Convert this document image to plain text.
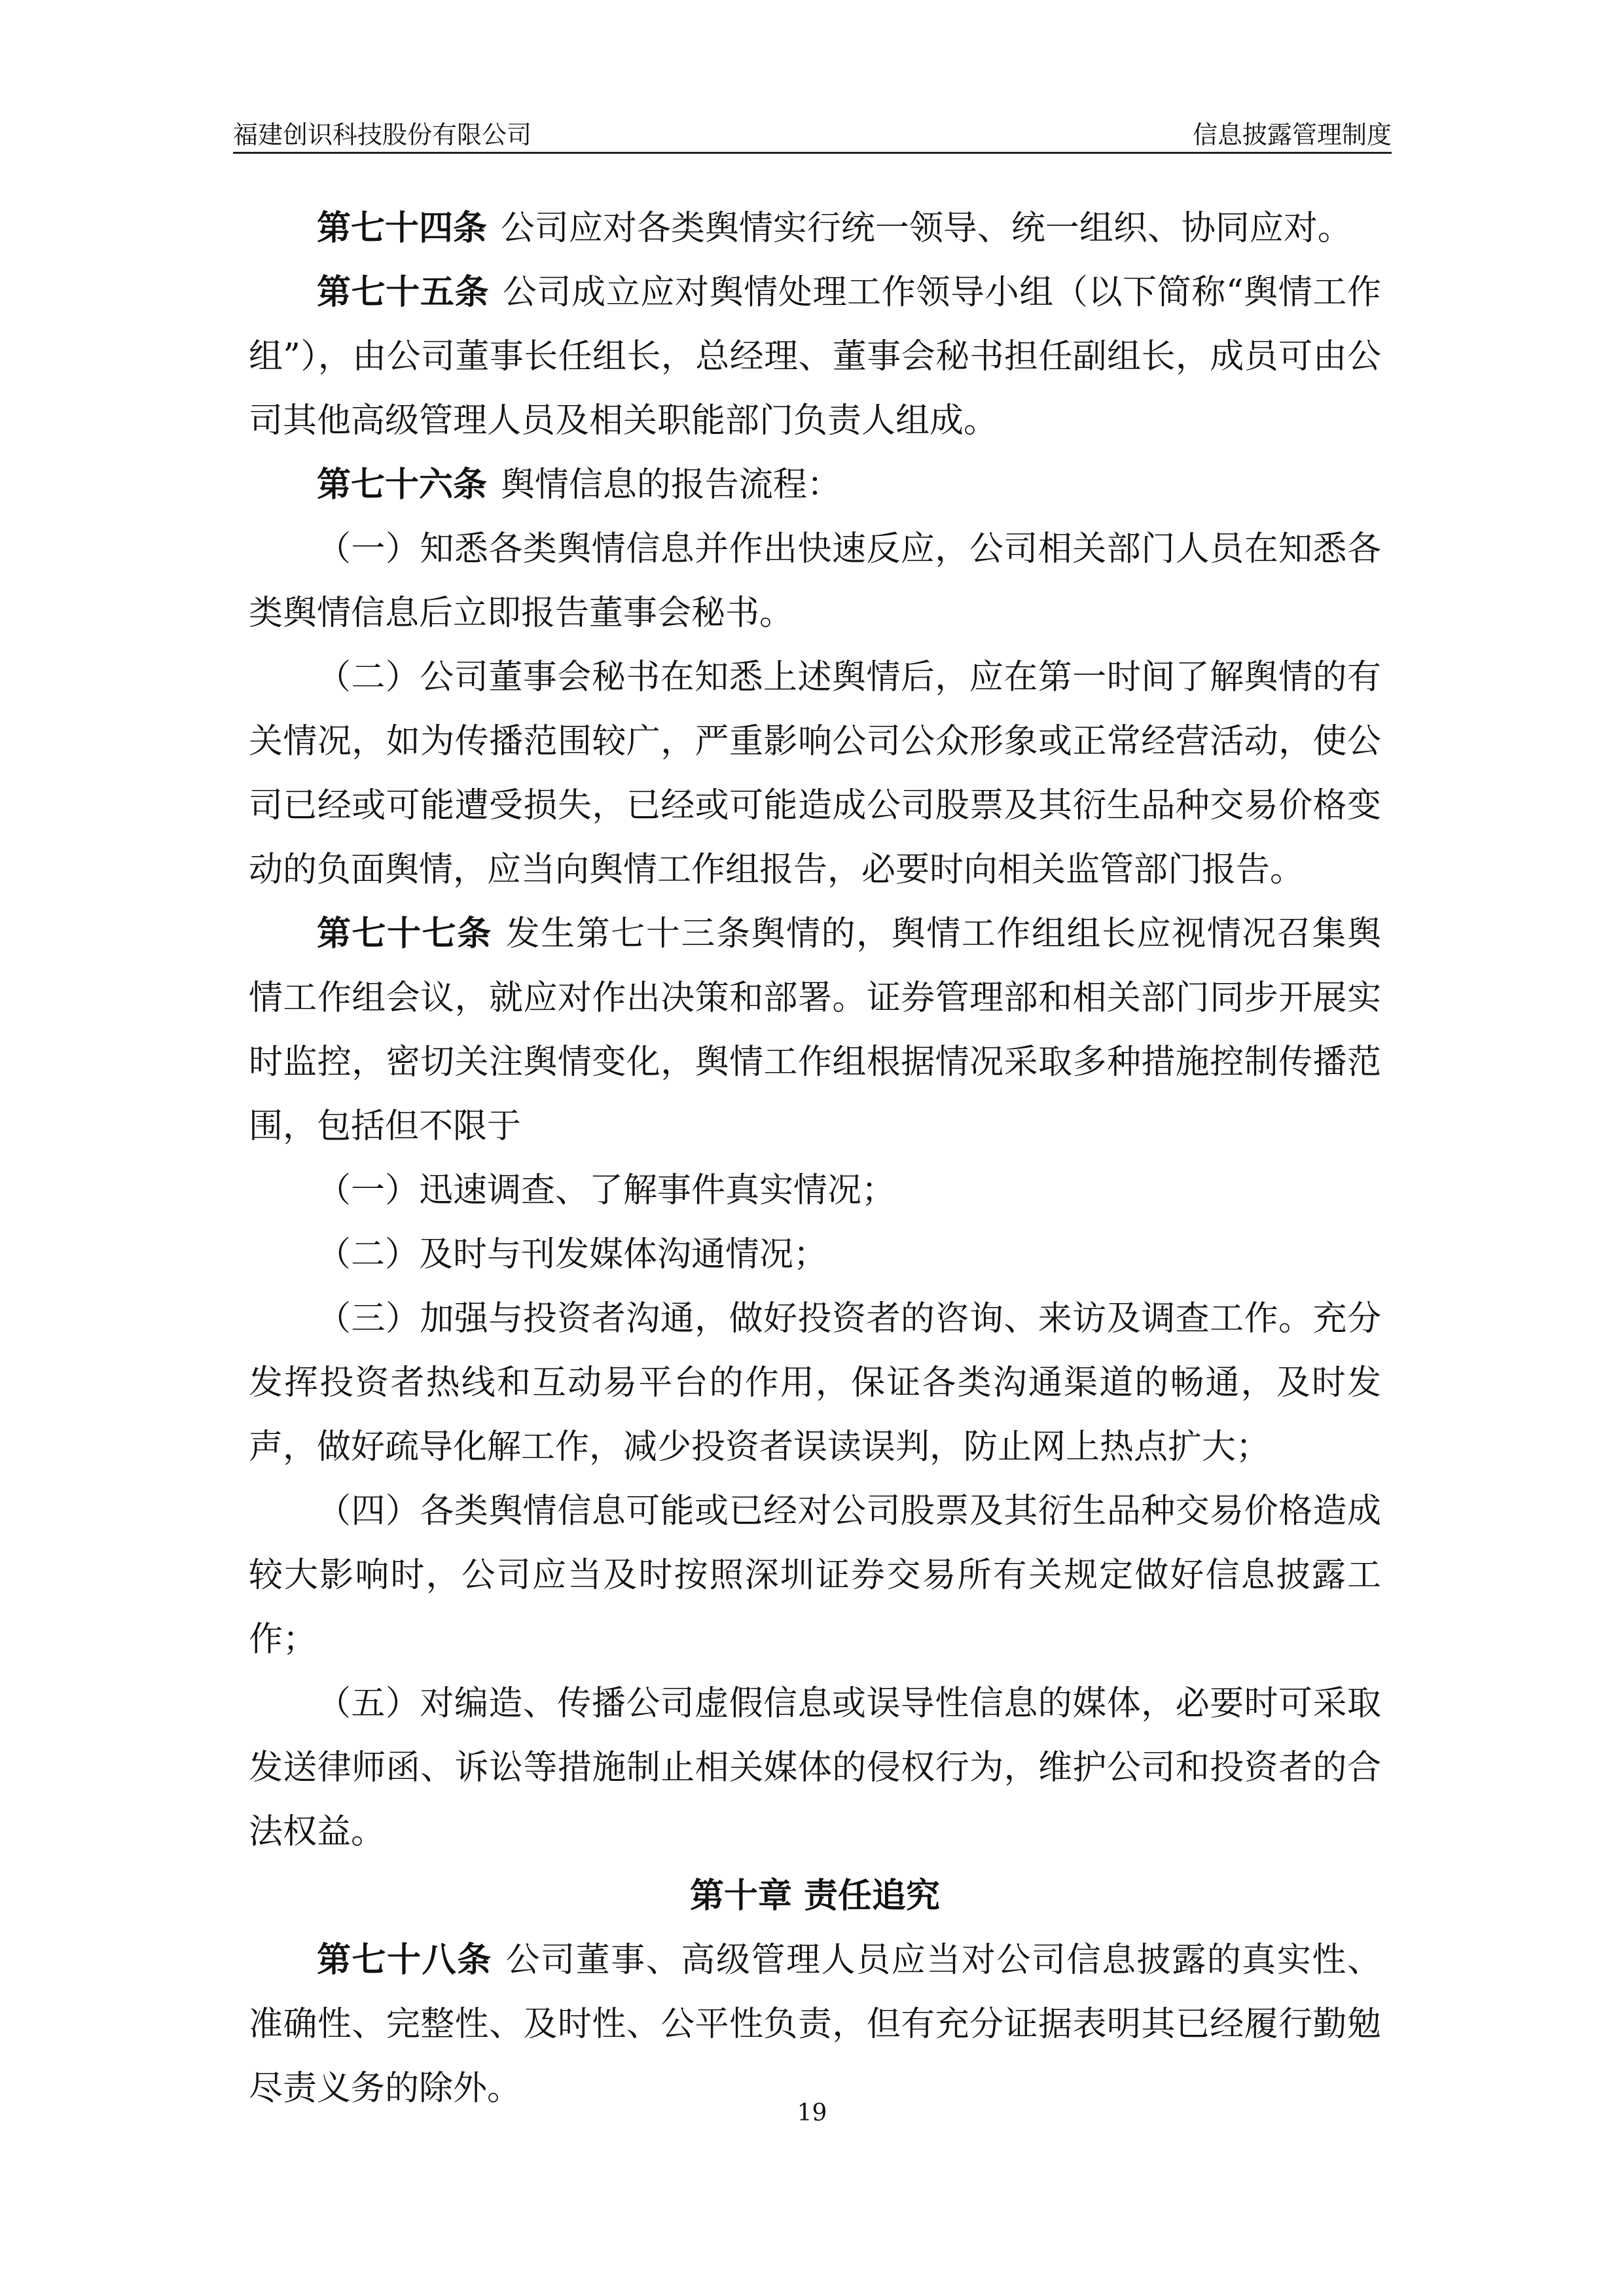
福建创识科技股份有限公司	信息披露管理制度

第七十四条 公司应对各类舆情实行统一领导、统一组织、协同应对。

第七十五条 公司成立应对舆情处理工作领导小组（以下简称“舆情工作组”），由公司董事长任组长，总经理、董事会秘书担任副组长，成员可由公司其他高级管理人员及相关职能部门负责人组成。

第七十六条 舆情信息的报告流程：

（一）知悉各类舆情信息并作出快速反应，公司相关部门人员在知悉各类舆情信息后立即报告董事会秘书。

（二）公司董事会秘书在知悉上述舆情后，应在第一时间了解舆情的有关情况，如为传播范围较广，严重影响公司公众形象或正常经营活动，使公司已经或可能遭受损失，已经或可能造成公司股票及其衍生品种交易价格变动的负面舆情，应当向舆情工作组报告，必要时向相关监管部门报告。

第七十七条 发生第七十三条舆情的，舆情工作组组长应视情况召集舆情工作组会议，就应对作出决策和部署。证券管理部和相关部门同步开展实时监控，密切关注舆情变化，舆情工作组根据情况采取多种措施控制传播范围，包括但不限于

（一）迅速调查、了解事件真实情况；

（二）及时与刊发媒体沟通情况；

（三）加强与投资者沟通，做好投资者的咨询、来访及调查工作。充分发挥投资者热线和互动易平台的作用，保证各类沟通渠道的畅通，及时发声，做好疏导化解工作，减少投资者误读误判，防止网上热点扩大；

（四）各类舆情信息可能或已经对公司股票及其衍生品种交易价格造成较大影响时，公司应当及时按照深圳证券交易所有关规定做好信息披露工作；

（五）对编造、传播公司虚假信息或误导性信息的媒体，必要时可采取发送律师函、诉讼等措施制止相关媒体的侵权行为，维护公司和投资者的合法权益。

第十章 责任追究

第七十八条 公司董事、高级管理人员应当对公司信息披露的真实性、准确性、完整性、及时性、公平性负责，但有充分证据表明其已经履行勤勉尽责义务的除外。

19
